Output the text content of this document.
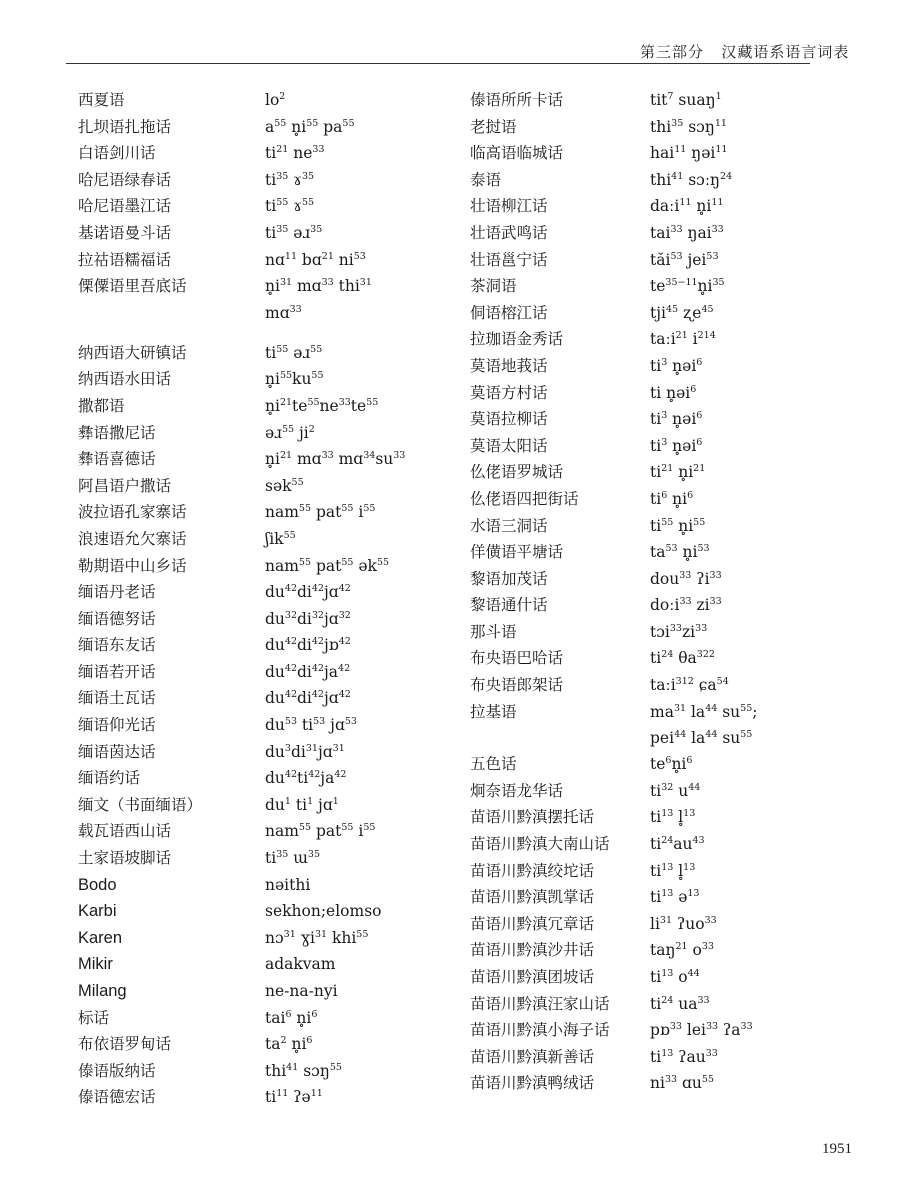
第三部分 汉藏语系语言词表
西夏语	$lo^2$
扎坝语扎拖话	$a^{55}$ $n̥i^{55}$ $pa^{55}$
白语剑川话	$ti^{21}$ $ne^{33}$
哈尼语绿春话	$ti^{35}$ ɤ$^{35}$
哈尼语墨江话	$ti^{55}$ ɤ$^{55}$
基诺语曼斗话	$ti^{35}$ əɹ$^{35}$
拉祜语糯福话	nɑ$^{11}$ bɑ$^{21}$ $ni^{53}$
傈僳语里吾底话	$n̥i^{31}$ mɑ$^{33}$ thi$^{31}$
mɑ$^{33}$
纳西语大研镇话	$ti^{55}$ əɹ$^{55}$
纳西语水田话	$n̥i^{55}ku^{55}$
撒都语	$n̥i^{21}te^{55}ne^{33}te^{55}$
彝语撒尼话	əɹ$^{55}$ $ji^2$
彝语喜德话	$n̥i^{21}$ mɑ$^{33}$ $mɑ^{34}su^{33}$
阿昌语户撒话	sək$^{55}$
波拉语孔家寨话	nam$^{55}$ pat$^{55}$ $i^{55}$
浪速语允欠寨话	ʃik$^{55}$
勒期语中山乡话	nam$^{55}$ pat$^{55}$ ək$^{55}$
缅语丹老话	$du^{42}di^{42}jɑ^{42}$
缅语德努话	$du^{32}di^{32}jɑ^{32}$
缅语东友话	$du^{42}di^{42}jɒ^{42}$
缅语若开话	$du^{42}di^{42}ja^{42}$
缅语土瓦话	$du^{42}di^{42}jɑ^{42}$
缅语仰光话	$du^{53}$ $ti^{53}$ jɑ$^{53}$
缅语茵达话	$du^3di^{31}jɑ^{31}$
缅语约话	$du^{42}ti^{42}ja^{42}$
缅文（书面缅语）	$du^1$ $ti^1$ jɑ$^1$
载瓦语西山话	nam$^{55}$ pat$^{55}$ $i^{55}$
土家语坡脚话	$ti^{35}$ ɯ$^{35}$
Bodo	nəithi
Karbi	sekhon;elomso
Karen	nɔ$^{31}$ ɣi$^{31}$ khi$^{55}$
Mikir	adakvam
Milang	ne-na-nyi
标话	tai$^6$ $n̥i^6$
布依语罗甸话	$ta^2$ $n̥i^6$
傣语版纳话	thi$^{41}$ sɔŋ$^{55}$
傣语德宏话	$ti^{11}$ ʔə$^{11}$
傣语所所卡话	tit$^7$ suaŋ$^1$
老挝语	thi$^{35}$ sɔŋ$^{11}$
临高语临城话	hai$^{11}$ ŋəi$^{11}$
泰语	thi$^{41}$ sɔːŋ$^{24}$
壮语柳江话	daːi$^{11}$ $n̥i^{11}$
壮语武鸣话	tai$^{33}$ ŋai$^{33}$
壮语邕宁话	tăi$^{53}$ jei$^{53}$
茶洞语	$te^{35-11}n̥i^{35}$
侗语榕江话	tji$^{45}$ ʐe$^{45}$
拉珈语金秀话	taːi$^{21}$ $i^{214}$
莫语地莪话	$ti^3$ n̥əi$^6$
莫语方村话	ti n̥əi$^6$
莫语拉柳话	$ti^3$ n̥əi$^6$
莫语太阳话	$ti^3$ n̥əi$^6$
仫佬语罗城话	$ti^{21}$ $n̥i^{21}$
仫佬语四把街话	$ti^6$ $n̥i^6$
水语三洞话	$ti^{55}$ $n̥i^{55}$
佯僙语平塘话	$ta^{53}$ $n̥i^{53}$
黎语加茂话	dou$^{33}$ ʔi$^{33}$
黎语通什话	doːi$^{33}$ $zi^{33}$
那斗语	$tɔi^{33}zi^{33}$
布央语巴哈话	$ti^{24}$ $\theta a^{322}$
布央语郎架话	taːi$^{312}$ ɕa$^{54}$
拉基语	$ma^{31}$ $la^{44}$ $su^{55}$;
pei$^{44}$ $la^{44}$ $su^{55}$
五色话	$te^6n̥i^6$
炯奈语龙华话	$ti^{32}$ $u^{44}$
苗语川黔滇摆托话	$ti^{13}$ l̥$^{13}$
苗语川黔滇大南山话	$ti^{24}au^{43}$
苗语川黔滇绞坨话	$ti^{13}$ l̥$^{13}$
苗语川黔滇凯掌话	$ti^{13}$ ə$^{13}$
苗语川黔滇冗章话	$li^{31}$ ʔuo$^{33}$
苗语川黔滇沙井话	taŋ$^{21}$ $o^{33}$
苗语川黔滇团坡话	$ti^{13}$ $o^{44}$
苗语川黔滇汪家山话	$ti^{24}$ $ua^{33}$
苗语川黔滇小海子话	pɒ$^{33}$ lei$^{33}$ ʔa$^{33}$
苗语川黔滇新善话	$ti^{13}$ ʔau$^{33}$
苗语川黔滇鸭绒话	$ni^{33}$ ɑu$^{55}$
1951
